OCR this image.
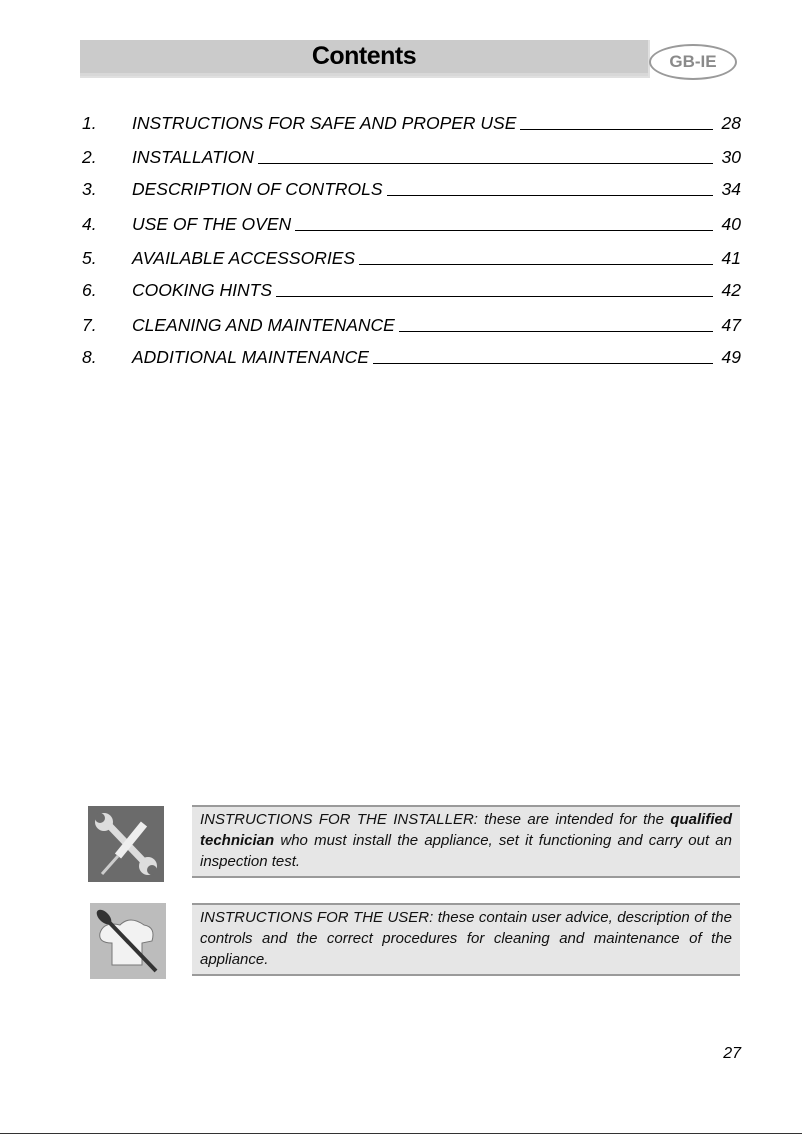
Contents	GB-IE
1.	INSTRUCTIONS FOR SAFE AND PROPER USE	28
2.	INSTALLATION	30
3.	DESCRIPTION OF CONTROLS	34
4.	USE OF THE OVEN	40
5.	AVAILABLE ACCESSORIES	41
6.	COOKING HINTS	42
7.	CLEANING AND MAINTENANCE	47
8.	ADDITIONAL MAINTENANCE	49
INSTRUCTIONS FOR THE INSTALLER: these are intended for the qualified technician who must install the appliance, set it functioning and carry out an inspection test.
INSTRUCTIONS FOR THE USER: these contain user advice, description of the controls and the correct procedures for cleaning and maintenance of the appliance.
27
